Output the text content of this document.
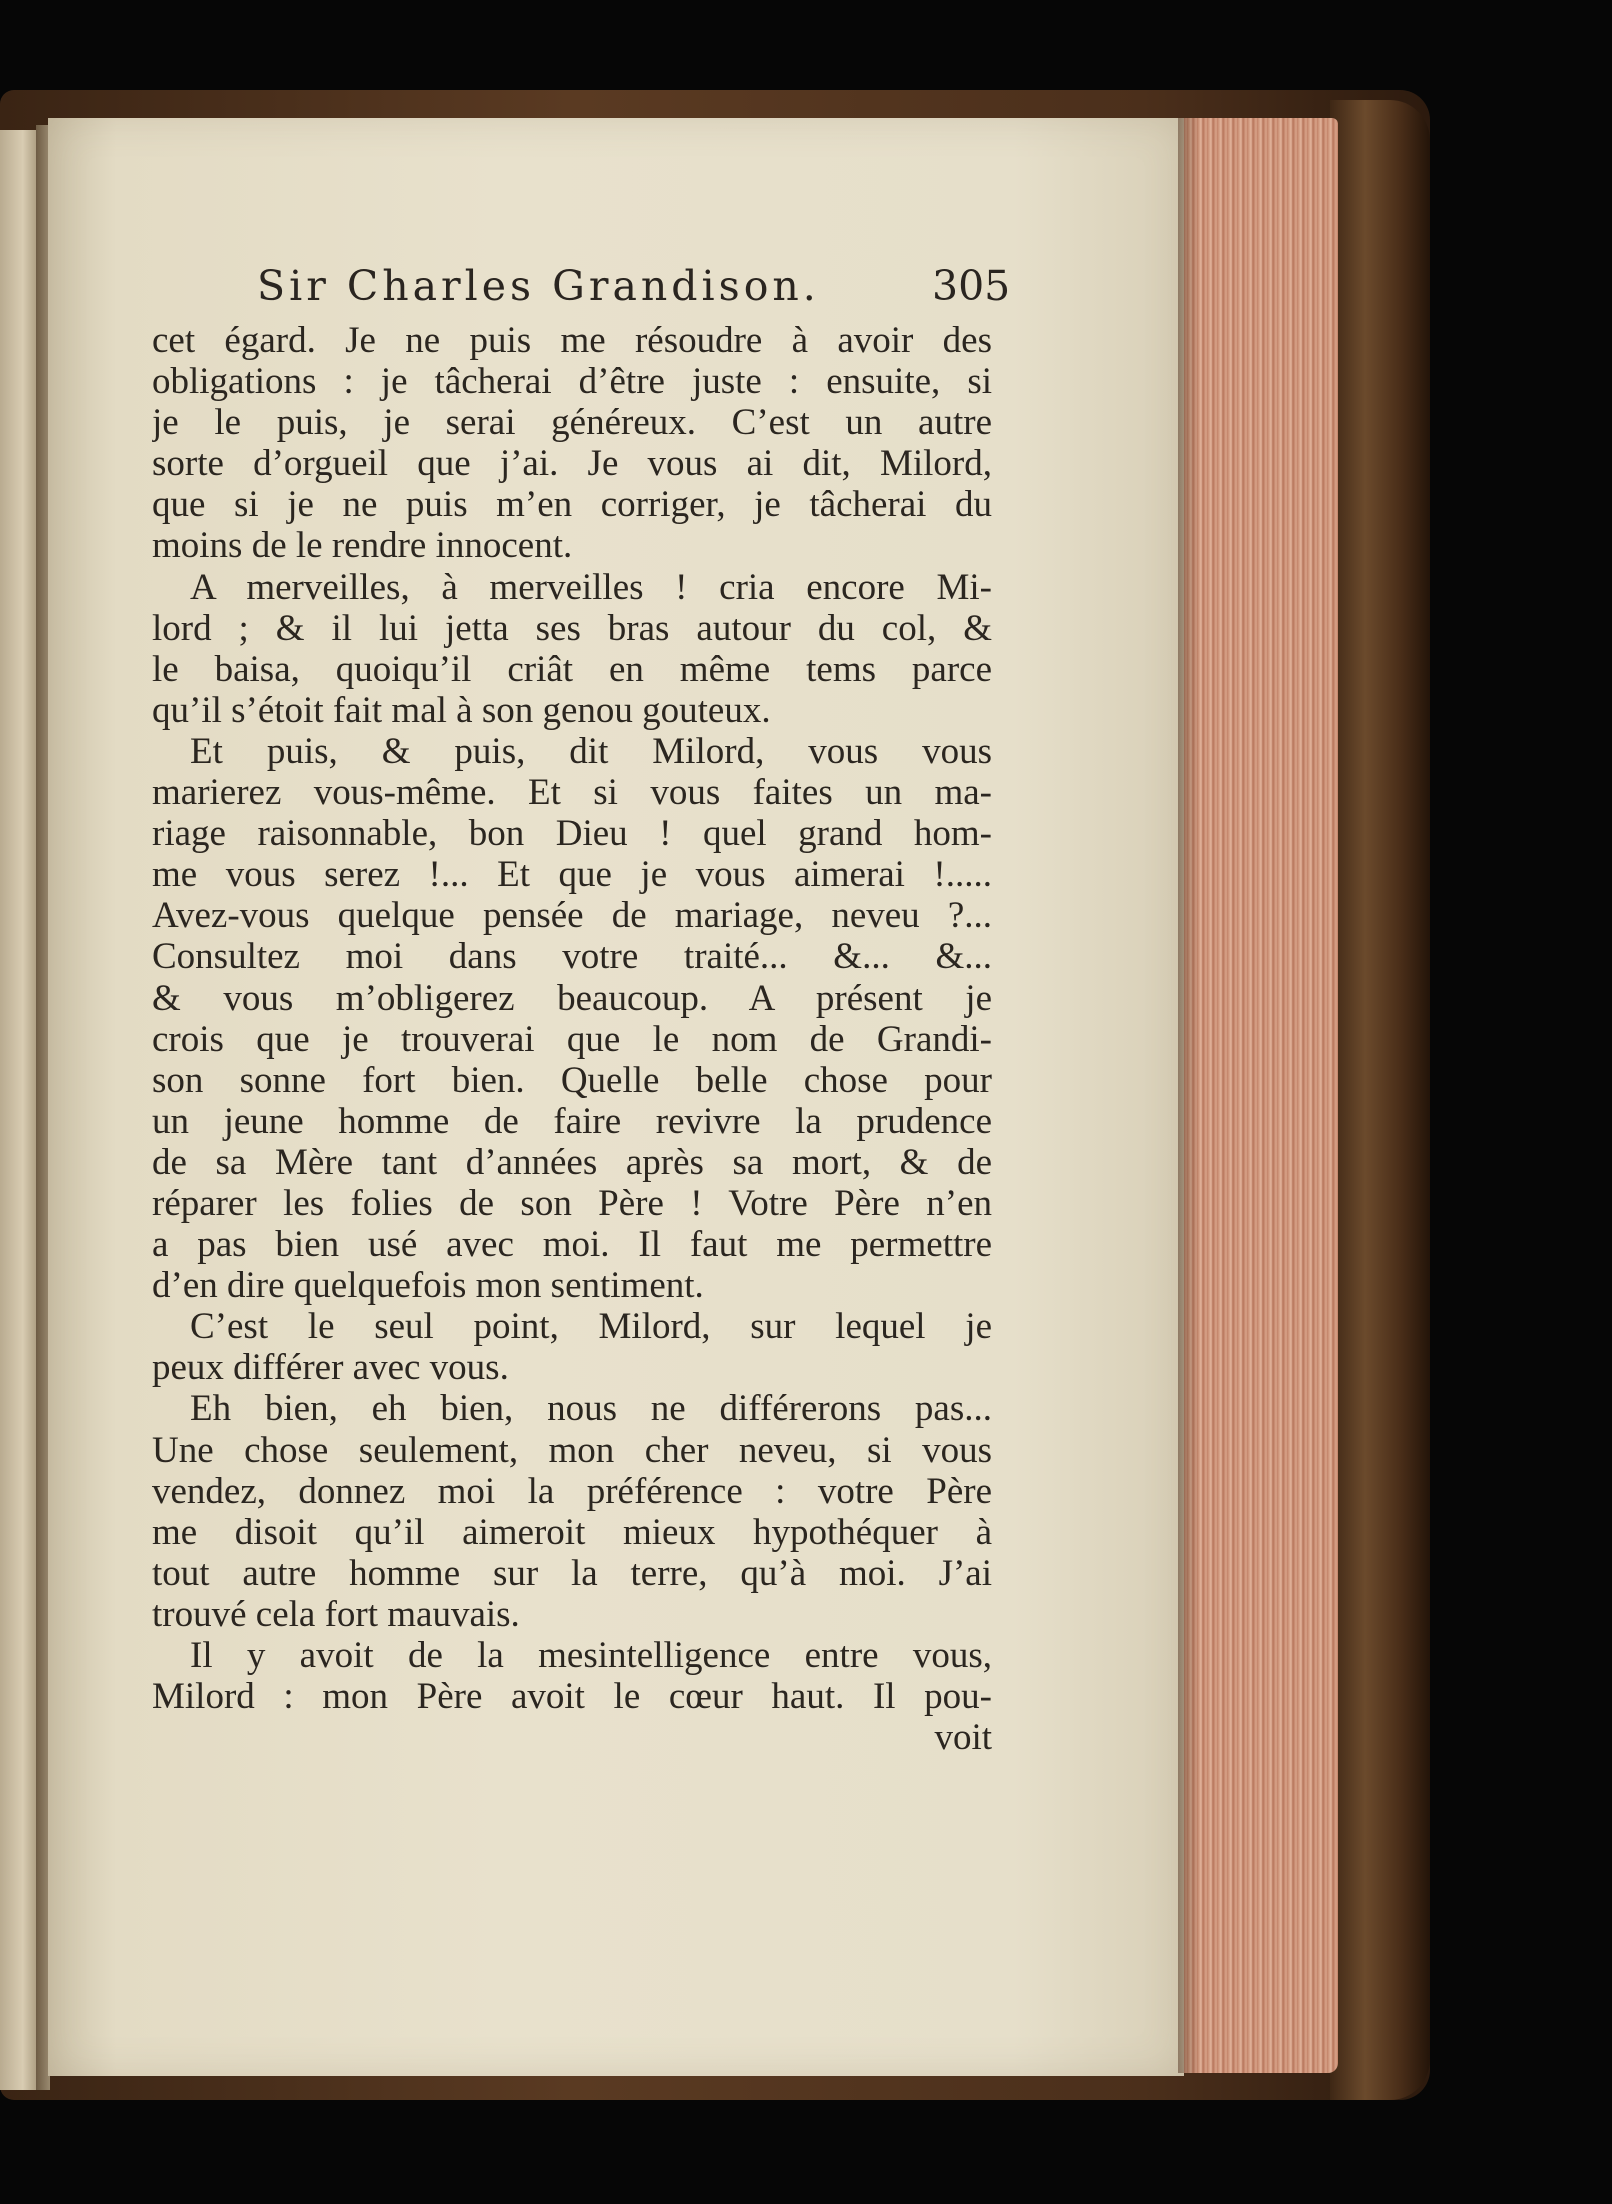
Sir Charles Grandison.	305
cet égard. Je ne puis me résoudre à avoir des
obligations : je tâcherai d’être juste : ensuite, si
je le puis, je serai généreux. C’est un autre
sorte d’orgueil que j’ai. Je vous ai dit, Milord,
que si je ne puis m’en corriger, je tâcherai du
moins de le rendre innocent.
A merveilles, à merveilles ! cria encore Mi-
lord ; & il lui jetta ses bras autour du col, &
le baisa, quoiqu’il criât en même tems parce
qu’il s’étoit fait mal à son genou gouteux.
Et puis, & puis, dit Milord, vous vous
marierez vous-même. Et si vous faites un ma-
riage raisonnable, bon Dieu ! quel grand hom-
me vous serez !... Et que je vous aimerai !.....
Avez-vous quelque pensée de mariage, neveu ?...
Consultez moi dans votre traité... &... &...
& vous m’obligerez beaucoup. A présent je
crois que je trouverai que le nom de Grandi-
son sonne fort bien. Quelle belle chose pour
un jeune homme de faire revivre la prudence
de sa Mère tant d’années après sa mort, & de
réparer les folies de son Père ! Votre Père n’en
a pas bien usé avec moi. Il faut me permettre
d’en dire quelquefois mon sentiment.
C’est le seul point, Milord, sur lequel je
peux différer avec vous.
Eh bien, eh bien, nous ne différerons pas...
Une chose seulement, mon cher neveu, si vous
vendez, donnez moi la préférence : votre Père
me disoit qu’il aimeroit mieux hypothéquer à
tout autre homme sur la terre, qu’à moi. J’ai
trouvé cela fort mauvais.
Il y avoit de la mesintelligence entre vous,
Milord : mon Père avoit le cœur haut. Il pou-
voit
